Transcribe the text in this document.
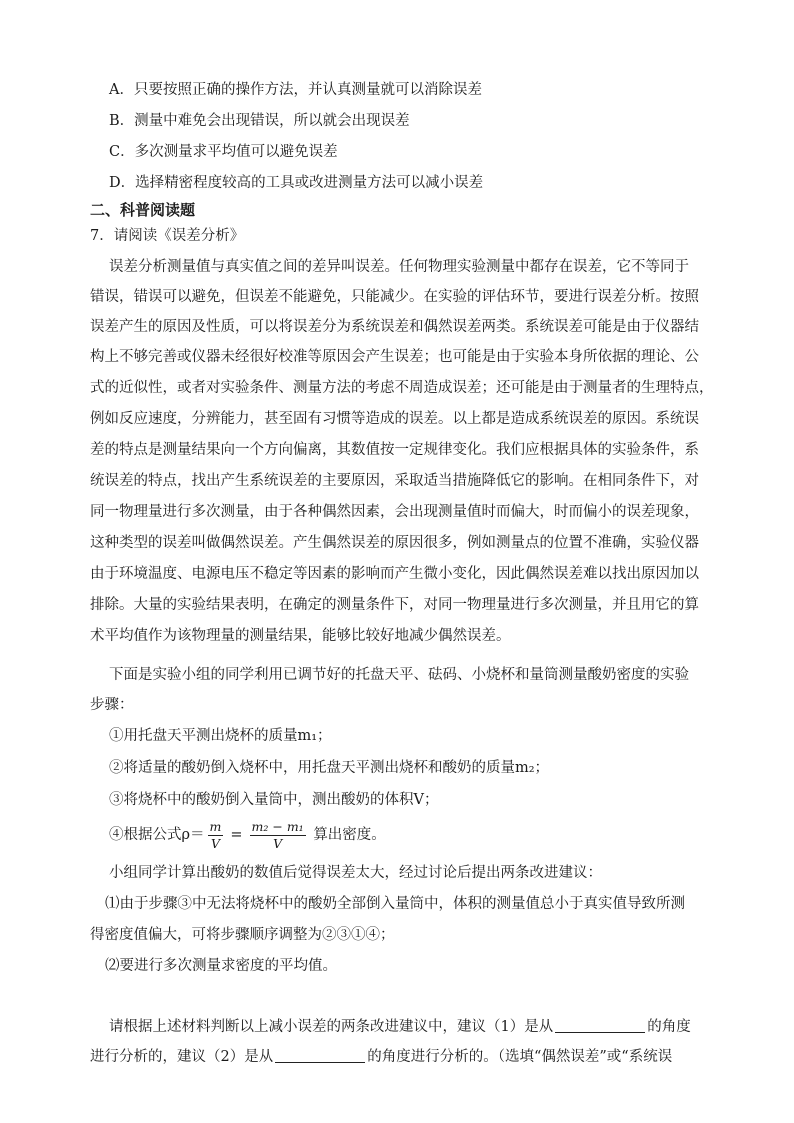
A．只要按照正确的操作方法，并认真测量就可以消除误差
B．测量中难免会出现错误，所以就会出现误差
C．多次测量求平均值可以避免误差
D．选择精密程度较高的工具或改进测量方法可以减小误差
二、科普阅读题
7．请阅读《误差分析》
误差分析测量值与真实值之间的差异叫误差。任何物理实验测量中都存在误差，它不等同于
错误，错误可以避免，但误差不能避免，只能减少。在实验的评估环节，要进行误差分析。按照
误差产生的原因及性质，可以将误差分为系统误差和偶然误差两类。系统误差可能是由于仪器结
构上不够完善或仪器未经很好校准等原因会产生误差；也可能是由于实验本身所依据的理论、公
式的近似性，或者对实验条件、测量方法的考虑不周造成误差；还可能是由于测量者的生理特点，
例如反应速度，分辨能力，甚至固有习惯等造成的误差。以上都是造成系统误差的原因。系统误
差的特点是测量结果向一个方向偏离，其数值按一定规律变化。我们应根据具体的实验条件，系
统误差的特点，找出产生系统误差的主要原因，采取适当措施降低它的影响。在相同条件下，对
同一物理量进行多次测量，由于各种偶然因素，会出现测量值时而偏大，时而偏小的误差现象，
这种类型的误差叫做偶然误差。产生偶然误差的原因很多，例如测量点的位置不准确，实验仪器
由于环境温度、电源电压不稳定等因素的影响而产生微小变化，因此偶然误差难以找出原因加以
排除。大量的实验结果表明，在确定的测量条件下，对同一物理量进行多次测量，并且用它的算
术平均值作为该物理量的测量结果，能够比较好地减少偶然误差。
下面是实验小组的同学利用已调节好的托盘天平、砝码、小烧杯和量筒测量酸奶密度的实验
步骤：
①用托盘天平测出烧杯的质量m₁；
②将适量的酸奶倒入烧杯中，用托盘天平测出烧杯和酸奶的质量m₂；
③将烧杯中的酸奶倒入量筒中，测出酸奶的体积V；
④根据公式$\rho= \frac{m}{V} = \frac{\text{m₂ − m₁}}{V}$ 算出密度。
小组同学计算出酸奶的数值后觉得误差太大，经过讨论后提出两条改进建议：
⑴由于步骤③中无法将烧杯中的酸奶全部倒入量筒中，体积的测量值总小于真实值导致所测
得密度值偏大，可将步骤顺序调整为②③①④；
⑵要进行多次测量求密度的平均值。
请根据上述材料判断以上减小误差的两条改进建议中，建议（1）是从	的角度
进行分析的，建议（2）是从	的角度进行分析的。（选填“偶然误差”或“系统误
